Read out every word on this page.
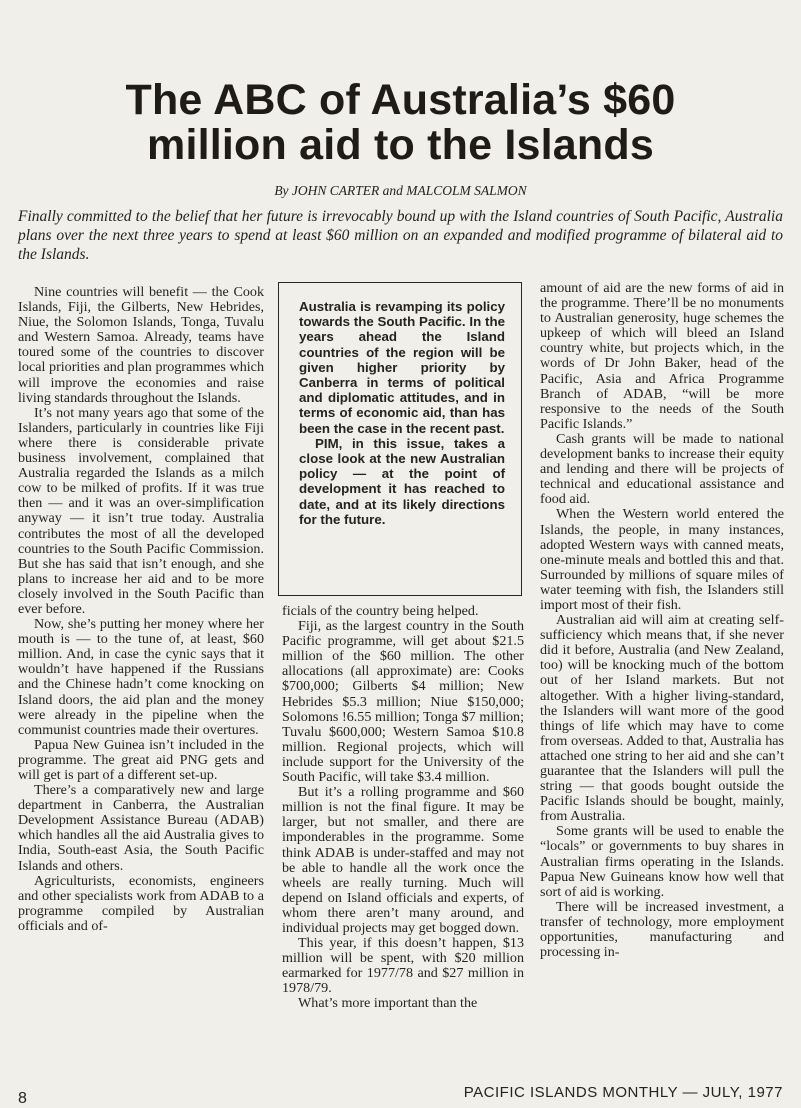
The ABC of Australia’s $60
million aid to the Islands
By JOHN CARTER and MALCOLM SALMON
Finally committed to the belief that her future is irrevocably bound up with the Island countries of South Pacific, Australia plans over the next three years to spend at least $60 million on an expanded and modified programme of bilateral aid to the Islands.

Nine countries will benefit — the Cook Islands, Fiji, the Gilberts, New Hebrides, Niue, the Solomon Islands, Tonga, Tuvalu and Western Samoa. Already, teams have toured some of the countries to discover local priorities and plan programmes which will improve the economies and raise living standards throughout the Islands.

It’s not many years ago that some of the Islanders, particularly in countries like Fiji where there is considerable private business involvement, complained that Australia regarded the Islands as a milch cow to be milked of profits. If it was true then — and it was an over-simplification anyway — it isn’t true today. Australia contributes the most of all the developed countries to the South Pacific Commission. But she has said that isn’t enough, and she plans to increase her aid and to be more closely involved in the South Pacific than ever before.

Now, she’s putting her money where her mouth is — to the tune of, at least, $60 million. And, in case the cynic says that it wouldn’t have happened if the Russians and the Chinese hadn’t come knocking on Island doors, the aid plan and the money were already in the pipeline when the communist countries made their overtures.

Papua New Guinea isn’t included in the programme. The great aid PNG gets and will get is part of a different set-up.

There’s a comparatively new and large department in Canberra, the Australian Development Assistance Bureau (ADAB) which handles all the aid Australia gives to India, South-east Asia, the South Pacific Islands and others.

Agriculturists, economists, engineers and other specialists work from ADAB to a programme compiled by Australian officials and of-

Australia is revamping its policy towards the South Pacific. In the years ahead the Island countries of the region will be given higher priority by Canberra in terms of political and diplomatic attitudes, and in terms of economic aid, than has been the case in the recent past.

PIM, in this issue, takes a close look at the new Australian policy — at the point of development it has reached to date, and at its likely directions for the future.

ficials of the country being helped.

Fiji, as the largest country in the South Pacific programme, will get about $21.5 million of the $60 million. The other allocations (all approximate) are: Cooks $700,000; Gilberts $4 million; New Hebrides $5.3 million; Niue $150,000; Solomons !6.55 million; Tonga $7 million; Tuvalu $600,000; Western Samoa $10.8 million. Regional projects, which will include support for the University of the South Pacific, will take $3.4 million.

But it’s a rolling programme and $60 million is not the final figure. It may be larger, but not smaller, and there are imponderables in the programme. Some think ADAB is under-staffed and may not be able to handle all the work once the wheels are really turning. Much will depend on Island officials and experts, of whom there aren’t many around, and individual projects may get bogged down.

This year, if this doesn’t happen, $13 million will be spent, with $20 million earmarked for 1977/78 and $27 million in 1978/79.

What’s more important than the

amount of aid are the new forms of aid in the programme. There’ll be no monuments to Australian generosity, huge schemes the upkeep of which will bleed an Island country white, but projects which, in the words of Dr John Baker, head of the Pacific, Asia and Africa Programme Branch of ADAB, “will be more responsive to the needs of the South Pacific Islands.”

Cash grants will be made to national development banks to increase their equity and lending and there will be projects of technical and educational assistance and food aid.

When the Western world entered the Islands, the people, in many instances, adopted Western ways with canned meats, one-minute meals and bottled this and that. Surrounded by millions of square miles of water teeming with fish, the Islanders still import most of their fish.

Australian aid will aim at creating self-sufficiency which means that, if she never did it before, Australia (and New Zealand, too) will be knocking much of the bottom out of her Island markets. But not altogether. With a higher living-standard, the Islanders will want more of the good things of life which may have to come from overseas. Added to that, Australia has attached one string to her aid and she can’t guarantee that the Islanders will pull the string — that goods bought outside the Pacific Islands should be bought, mainly, from Australia.

Some grants will be used to enable the “locals” or governments to buy shares in Australian firms operating in the Islands. Papua New Guineans know how well that sort of aid is working.

There will be increased investment, a transfer of technology, more employment opportunities, manufacturing and processing in-

8	PACIFIC ISLANDS MONTHLY — JULY, 1977
